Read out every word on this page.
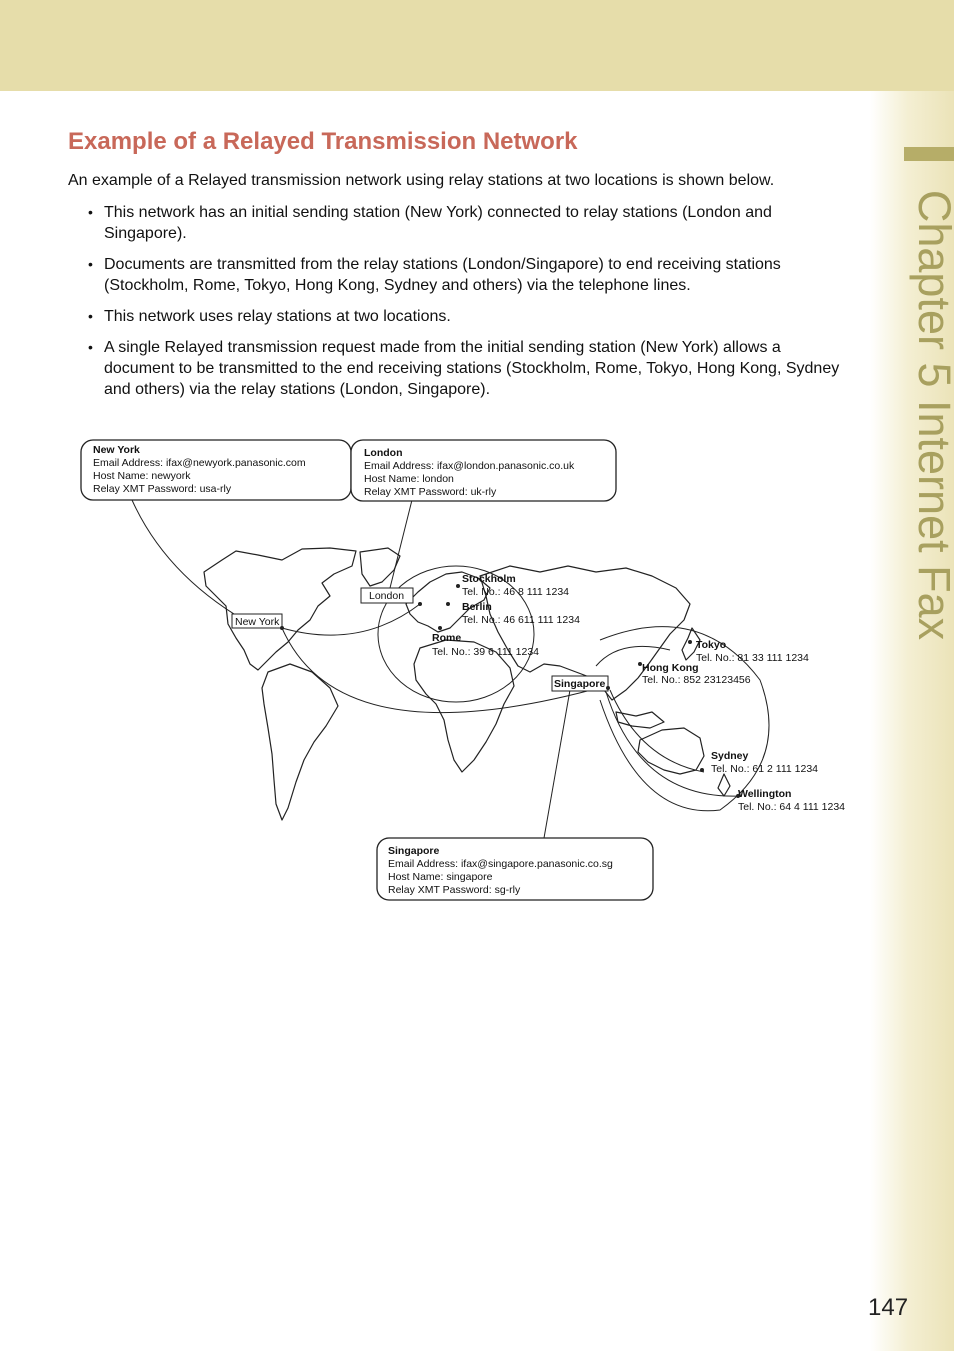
Chapter 5 Internet Fax
Example of a Relayed Transmission Network

An example of a Relayed transmission network using relay stations at two locations is shown below.

• This network has an initial sending station (New York) connected to relay stations (London and Singapore).
• Documents are transmitted from the relay stations (London/Singapore) to end receiving stations (Stockholm, Rome, Tokyo, Hong Kong, Sydney and others) via the telephone lines.
• This network uses relay stations at two locations.
• A single Relayed transmission request made from the initial sending station (New York) allows a document to be transmitted to the end receiving stations (Stockholm, Rome, Tokyo, Hong Kong, Sydney and others) via the relay stations (London, Singapore).
New York
Email Address: ifax@newyork.panasonic.com
Host Name: newyork
Relay XMT Password: usa-rly
London
Email Address: ifax@london.panasonic.co.uk
Host Name: london
Relay XMT Password: uk-rly
Singapore
Email Address: ifax@singapore.panasonic.co.sg
Host Name: singapore
Relay XMT Password: sg-rly
New York
London
Singapore
Stockholm
Tel. No.: 46 8 111 1234
Berlin
Tel. No.: 46 611 111 1234
Rome
Tel. No.: 39 6 111 1234
Tokyo
Tel. No.: 81 33 111 1234
Hong Kong
Tel. No.: 852 23123456
Sydney
Tel. No.: 61 2 111 1234
Wellington
Tel. No.: 64 4 111 1234
147
